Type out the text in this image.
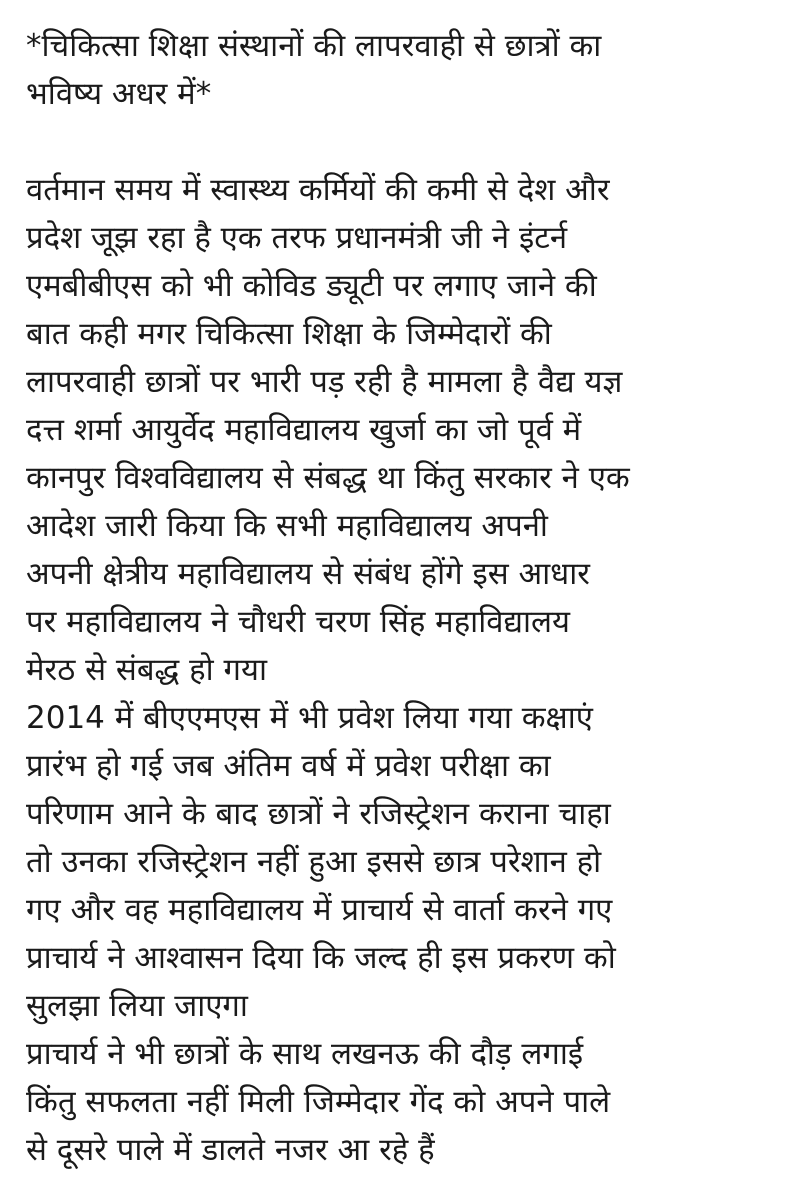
*चिकित्सा शिक्षा संस्थानों की लापरवाही से छात्रों का
भविष्य अधर में*
वर्तमान समय में स्वास्थ्य कर्मियों की कमी से देश और
प्रदेश जूझ रहा है एक तरफ प्रधानमंत्री जी ने इंटर्न
एमबीबीएस को भी कोविड ड्यूटी पर लगाए जाने की
बात कही मगर चिकित्सा शिक्षा के जिम्मेदारों की
लापरवाही छात्रों पर भारी पड़ रही है मामला है वैद्य यज्ञ
दत्त शर्मा आयुर्वेद महाविद्यालय खुर्जा का जो पूर्व में
कानपुर विश्वविद्यालय से संबद्ध था किंतु सरकार ने एक
आदेश जारी किया कि सभी महाविद्यालय अपनी
अपनी क्षेत्रीय महाविद्यालय से संबंध होंगे इस आधार
पर महाविद्यालय ने चौधरी चरण सिंह महाविद्यालय
मेरठ से संबद्ध हो गया
2014 में बीएएमएस में भी प्रवेश लिया गया कक्षाएं
प्रारंभ हो गई जब अंतिम वर्ष में प्रवेश परीक्षा का
परिणाम आने के बाद छात्रों ने रजिस्ट्रेशन कराना चाहा
तो उनका रजिस्ट्रेशन नहीं हुआ इससे छात्र परेशान हो
गए और वह महाविद्यालय में प्राचार्य से वार्ता करने गए
प्राचार्य ने आश्वासन दिया कि जल्द ही इस प्रकरण को
सुलझा लिया जाएगा
प्राचार्य ने भी छात्रों के साथ लखनऊ की दौड़ लगाई
किंतु सफलता नहीं मिली जिम्मेदार गेंद को अपने पाले
से दूसरे पाले में डालते नजर आ रहे हैं
